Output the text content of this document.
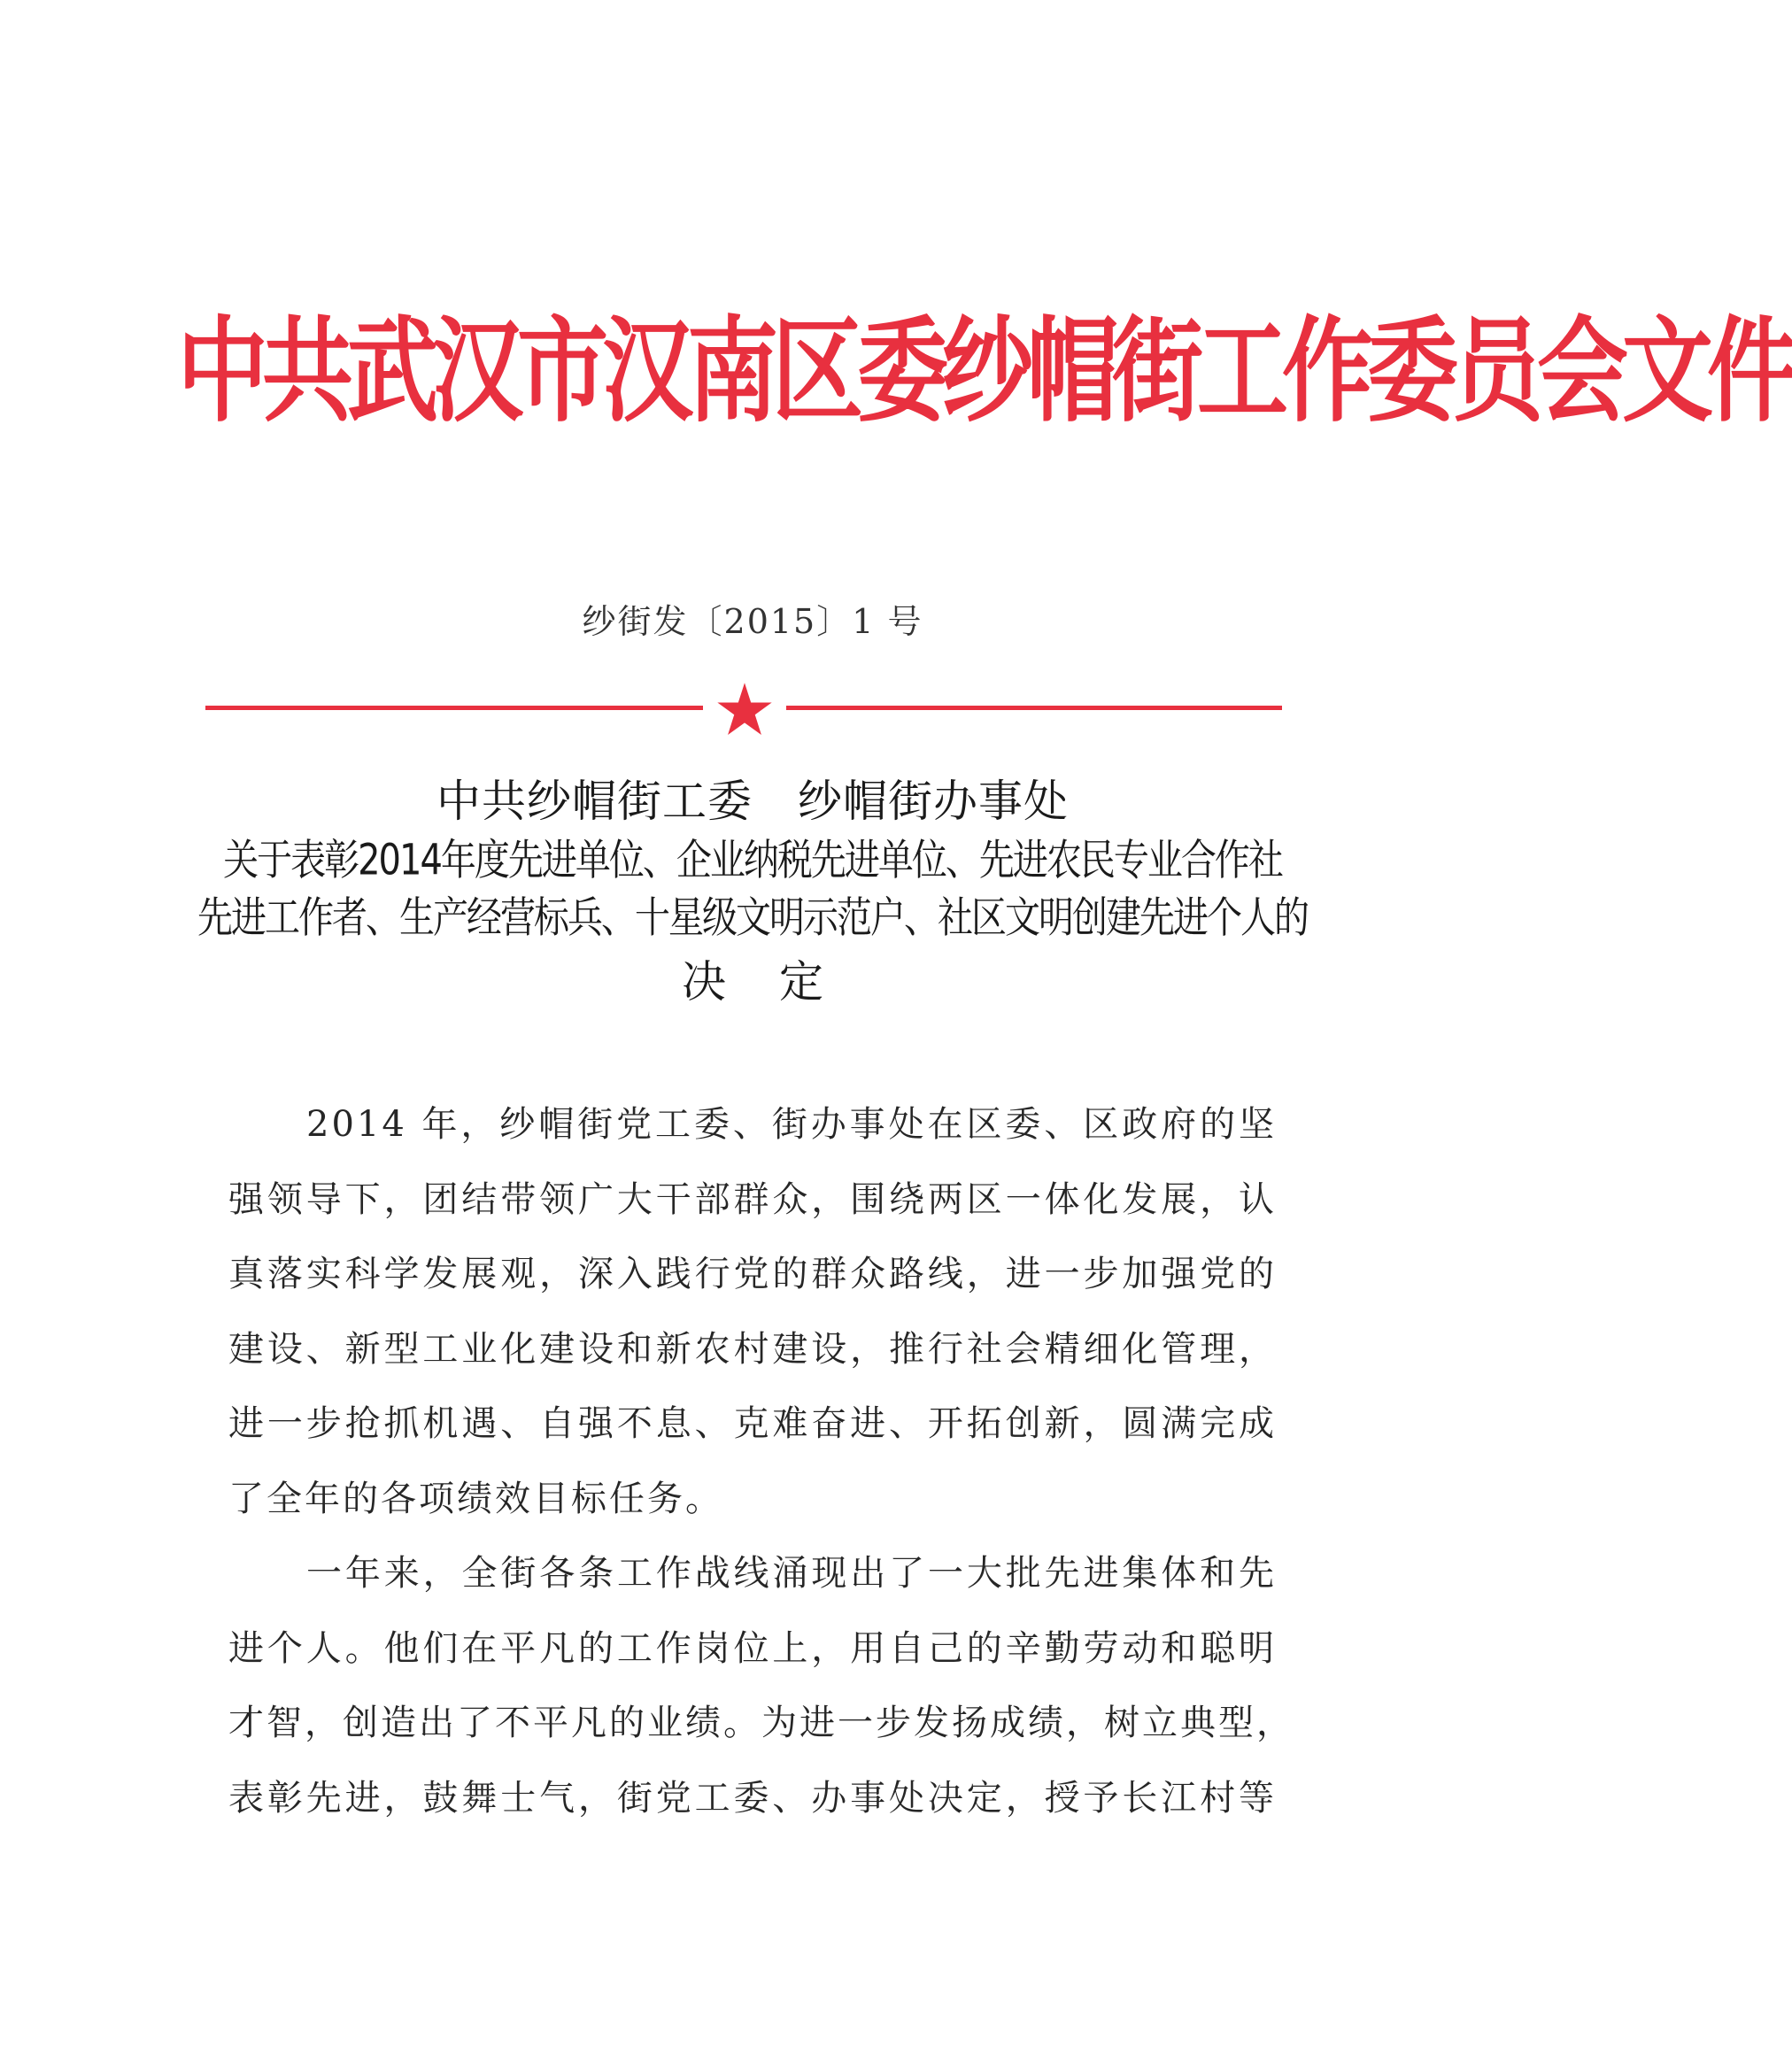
中共武汉市汉南区委纱帽街工作委员会文件
纱街发〔2015〕1 号
中共纱帽街工委　纱帽街办事处
关于表彰2014年度先进单位、企业纳税先进单位、先进农民专业合作社
先进工作者、生产经营标兵、十星级文明示范户、社区文明创建先进个人的
决定
2014 年，纱帽街党工委、街办事处在区委、区政府的坚
强领导下，团结带领广大干部群众，围绕两区一体化发展，认
真落实科学发展观，深入践行党的群众路线，进一步加强党的
建设、新型工业化建设和新农村建设，推行社会精细化管理，
进一步抢抓机遇、自强不息、克难奋进、开拓创新，圆满完成
了全年的各项绩效目标任务。
一年来，全街各条工作战线涌现出了一大批先进集体和先
进个人。他们在平凡的工作岗位上，用自己的辛勤劳动和聪明
才智，创造出了不平凡的业绩。为进一步发扬成绩，树立典型，
表彰先进，鼓舞士气，街党工委、办事处决定，授予长江村等
